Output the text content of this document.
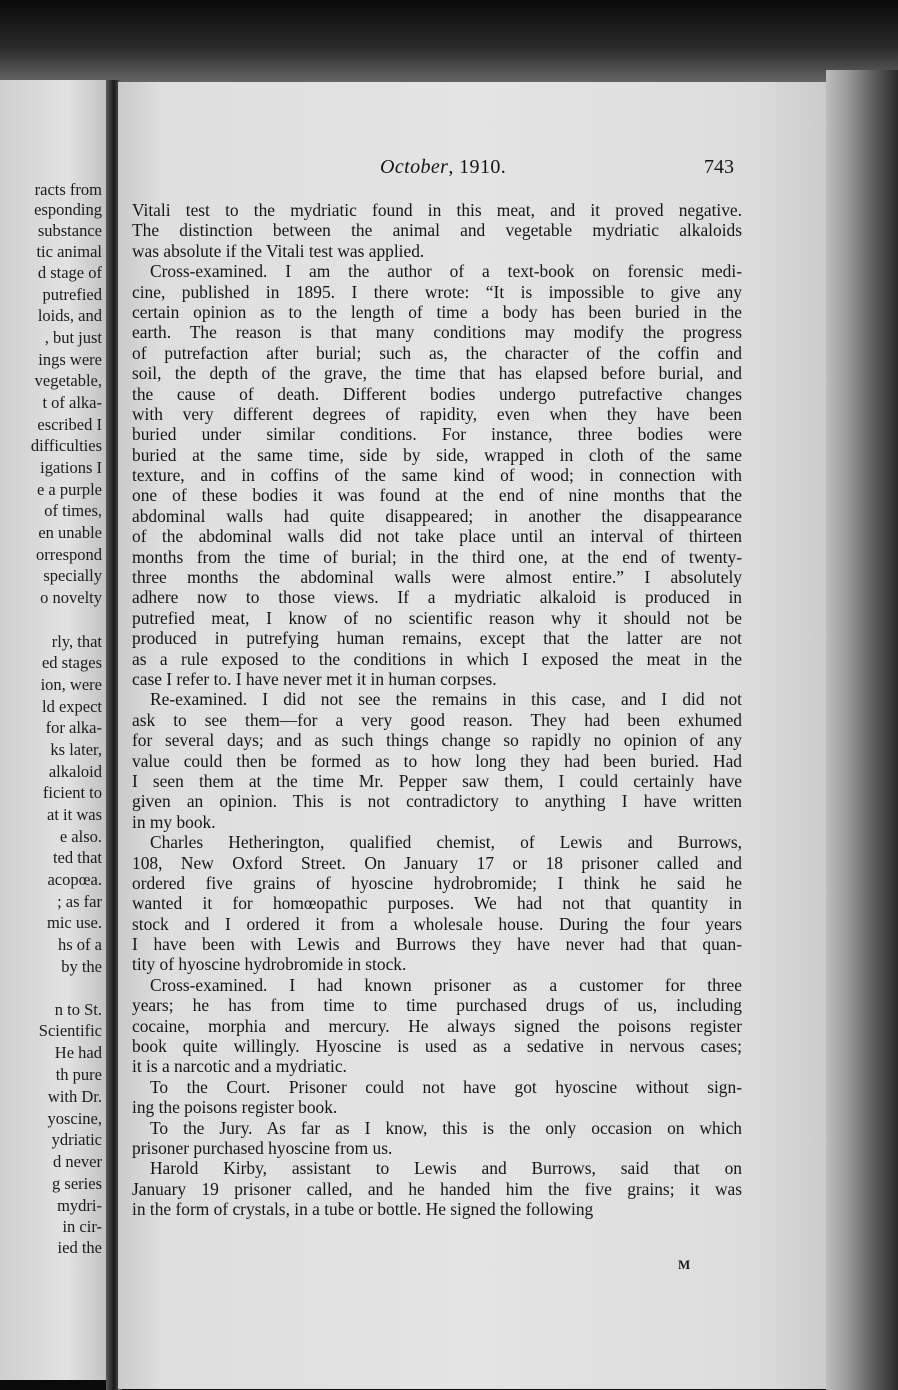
racts from
esponding
substance
tic animal
d stage of
putrefied
loids, and
, but just
ings were
vegetable,
t of alka-
escribed I
difficulties
igations I
e a purple
of times,
en unable
orrespond
specially
o novelty
rly, that
ed stages
ion, were
ld expect
for alka-
ks later,
alkaloid
ficient to
at it was
e also.
ted that
acopœa.
; as far
mic use.
hs of a
by the
n to St.
Scientific
He had
th pure
with Dr.
yoscine,
ydriatic
d never
g series
mydri-
in cir-
ied the
October, 1910.	743
Vitali test to the mydriatic found in this meat, and it proved negative.
The distinction between the animal and vegetable mydriatic alkaloids
was absolute if the Vitali test was applied.
Cross-examined. I am the author of a text-book on forensic medi-
cine, published in 1895. I there wrote: “It is impossible to give any
certain opinion as to the length of time a body has been buried in the
earth. The reason is that many conditions may modify the progress
of putrefaction after burial; such as, the character of the coffin and
soil, the depth of the grave, the time that has elapsed before burial, and
the cause of death. Different bodies undergo putrefactive changes
with very different degrees of rapidity, even when they have been
buried under similar conditions. For instance, three bodies were
buried at the same time, side by side, wrapped in cloth of the same
texture, and in coffins of the same kind of wood; in connection with
one of these bodies it was found at the end of nine months that the
abdominal walls had quite disappeared; in another the disappearance
of the abdominal walls did not take place until an interval of thirteen
months from the time of burial; in the third one, at the end of twenty-
three months the abdominal walls were almost entire.” I absolutely
adhere now to those views. If a mydriatic alkaloid is produced in
putrefied meat, I know of no scientific reason why it should not be
produced in putrefying human remains, except that the latter are not
as a rule exposed to the conditions in which I exposed the meat in the
case I refer to. I have never met it in human corpses.
Re-examined. I did not see the remains in this case, and I did not
ask to see them—for a very good reason. They had been exhumed
for several days; and as such things change so rapidly no opinion of any
value could then be formed as to how long they had been buried. Had
I seen them at the time Mr. Pepper saw them, I could certainly have
given an opinion. This is not contradictory to anything I have written
in my book.
Charles Hetherington, qualified chemist, of Lewis and Burrows,
108, New Oxford Street. On January 17 or 18 prisoner called and
ordered five grains of hyoscine hydrobromide; I think he said he
wanted it for homœopathic purposes. We had not that quantity in
stock and I ordered it from a wholesale house. During the four years
I have been with Lewis and Burrows they have never had that quan-
tity of hyoscine hydrobromide in stock.
Cross-examined. I had known prisoner as a customer for three
years; he has from time to time purchased drugs of us, including
cocaine, morphia and mercury. He always signed the poisons register
book quite willingly. Hyoscine is used as a sedative in nervous cases;
it is a narcotic and a mydriatic.
To the Court. Prisoner could not have got hyoscine without sign-
ing the poisons register book.
To the Jury. As far as I know, this is the only occasion on which
prisoner purchased hyoscine from us.
Harold Kirby, assistant to Lewis and Burrows, said that on
January 19 prisoner called, and he handed him the five grains; it was
in the form of crystals, in a tube or bottle. He signed the following
M
